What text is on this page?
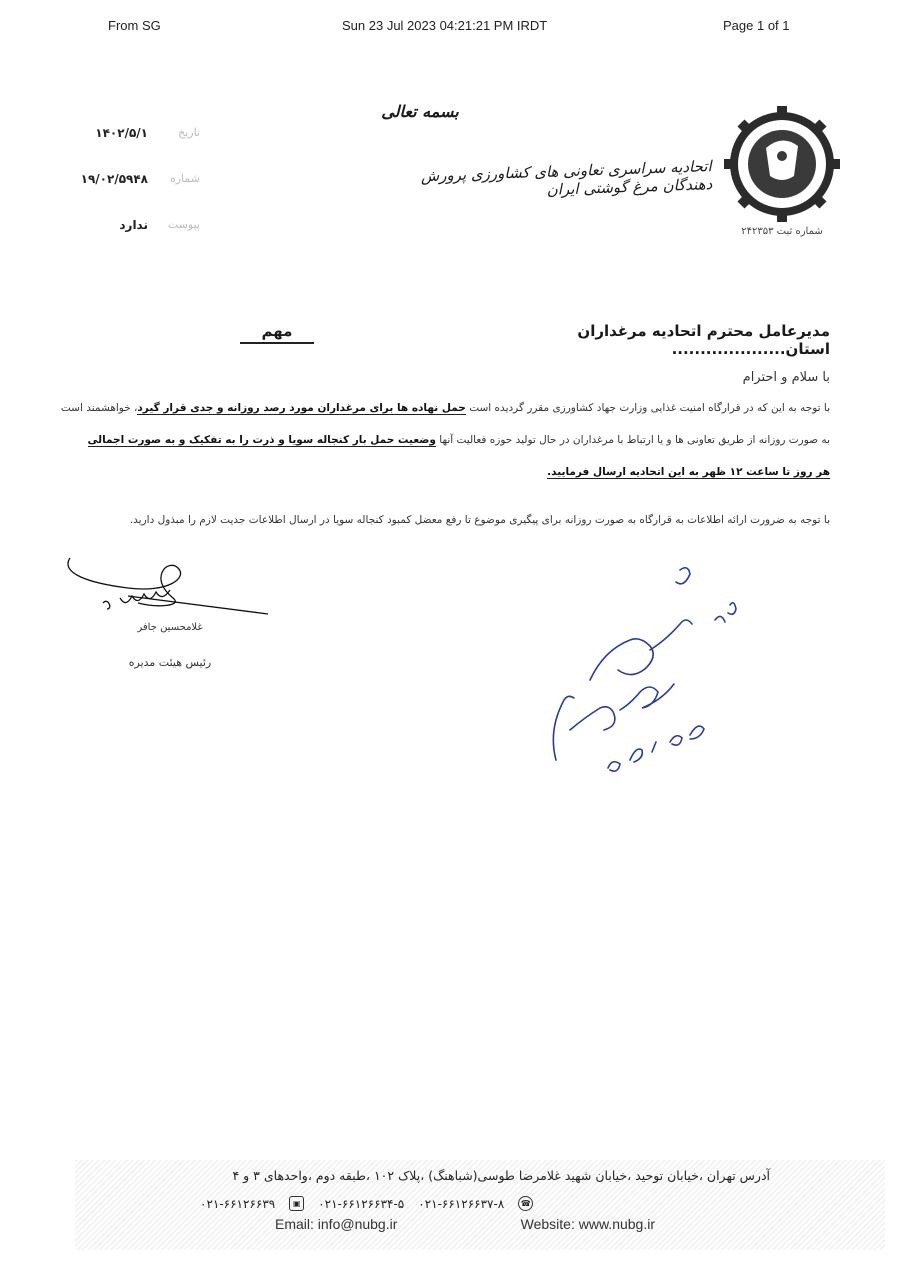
From SG	Sun 23 Jul 2023 04:21:21 PM IRDT	Page 1 of 1
بسمه تعالی
اتحادیه سراسری تعاونی های کشاورزی پرورش دهندگان مرغ گوشتی ایران
شماره ثبت ۲۴۲۳۵۳
تاریخ
۱۴۰۲/۵/۱
شماره
۱۹/۰۲/۵۹۴۸
پیوست
ندارد
مدیرعامل محترم اتحادیه مرغداران استان....................
مهم
با سلام و احترام
با توجه به این که در قرارگاه امنیت غذایی وزارت جهاد کشاورزی مقرر گردیده است حمل نهاده ها برای مرغداران مورد رصد روزانه و جدی قرار گیرد، خواهشمند است
به صورت روزانه از طریق تعاونی ها و یا ارتباط با مرغداران در حال تولید حوزه فعالیت آنها وضعیت حمل بار کنجاله سویا و ذرت را به تفکیک و به صورت اجمالی
هر روز تا ساعت ۱۲ ظهر به این اتحادیه ارسال فرمایید.
با توجه به ضرورت ارائه اطلاعات به قرارگاه به صورت روزانه برای پیگیری موضوع تا رفع معضل کمبود کنجاله سویا در ارسال اطلاعات جدیت لازم را مبذول دارید.
غلامحسین جافر
رئیس هیئت مدیره
آدرس تهران ،خیابان توحید ،خیابان شهید غلامرضا طوسی(شباهنگ) ،پلاک ۱۰۲ ،طبقه دوم ،واحدهای ۳ و ۴
۰۲۱-۶۶۱۲۶۶۳۹	▣	۰۲۱-۶۶۱۲۶۶۳۴-۵ ۰۲۱-۶۶۱۲۶۶۳۷-۸	☎
Email: info@nubg.ir	Website: www.nubg.ir
